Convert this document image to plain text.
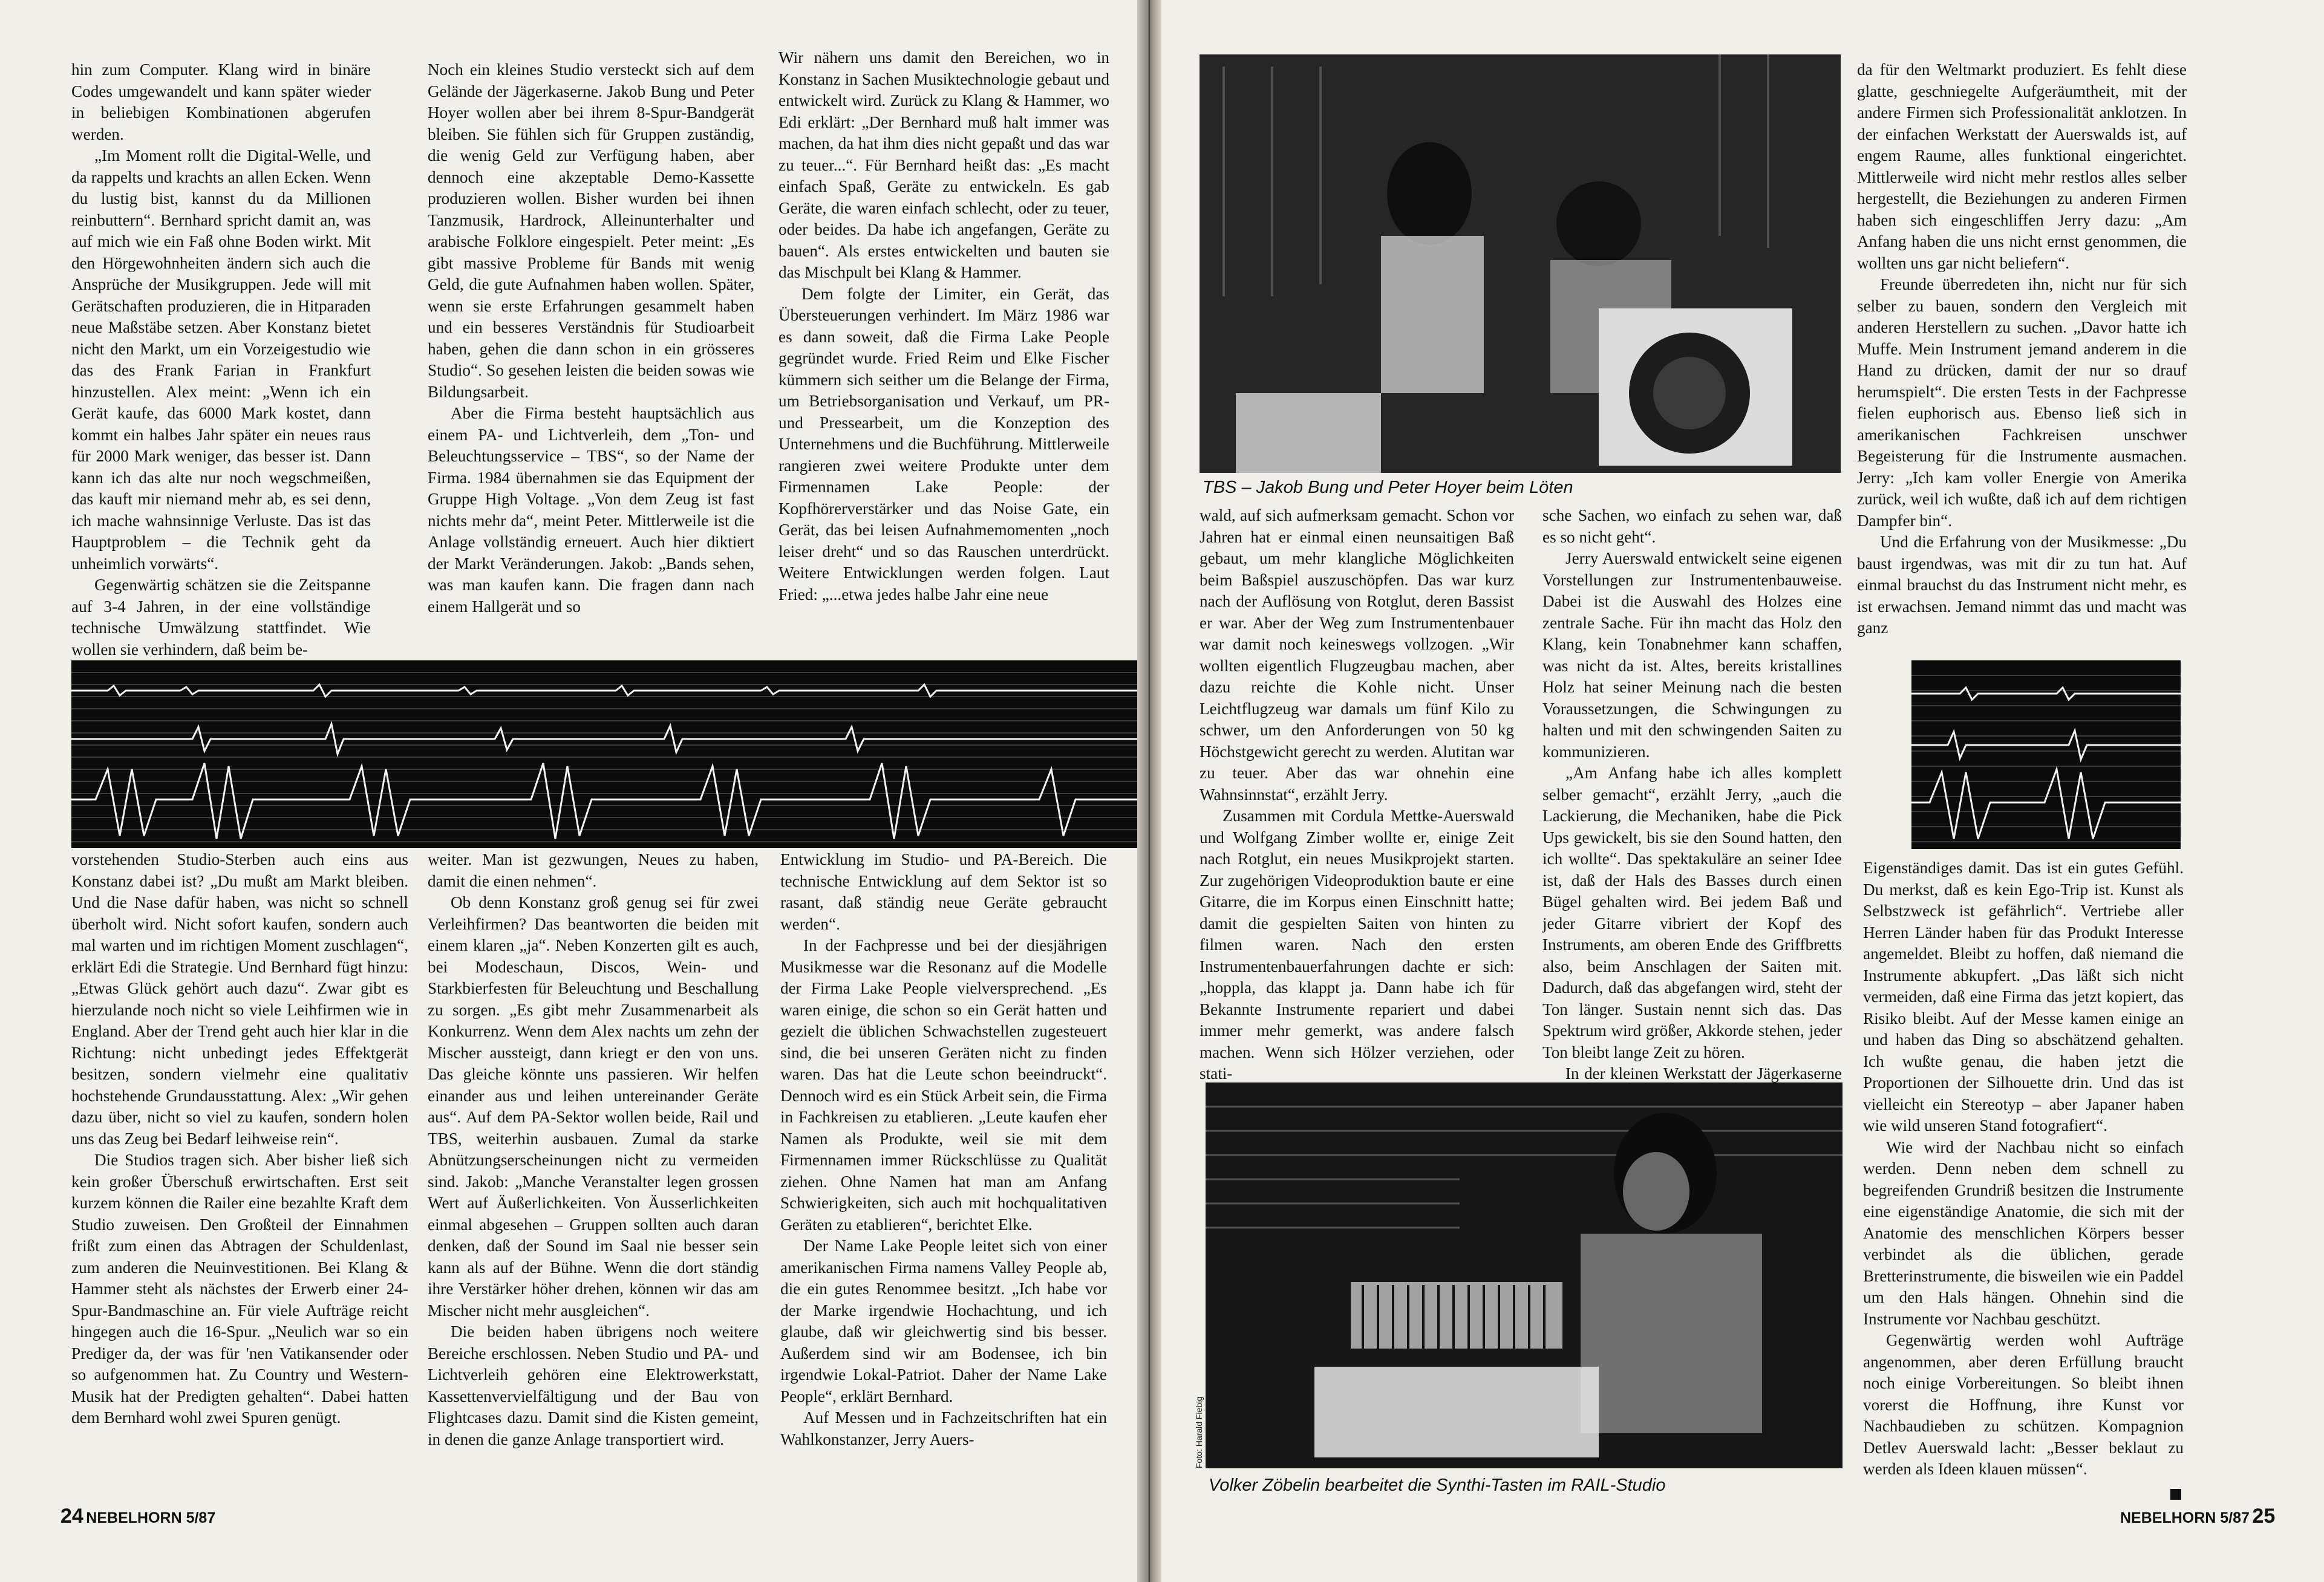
hin zum Computer. Klang wird in binäre Codes umgewandelt und kann später wieder in beliebigen Kombinationen abgerufen werden.

„Im Moment rollt die Digital-Welle, und da rappelts und krachts an allen Ecken. Wenn du lustig bist, kannst du da Millionen reinbuttern“. Bernhard spricht damit an, was auf mich wie ein Faß ohne Boden wirkt. Mit den Hörgewohnheiten ändern sich auch die Ansprüche der Musikgruppen. Jede will mit Gerätschaften produzieren, die in Hitparaden neue Maßstäbe setzen. Aber Konstanz bietet nicht den Markt, um ein Vorzeigestudio wie das des Frank Farian in Frankfurt hinzustellen. Alex meint: „Wenn ich ein Gerät kaufe, das 6000 Mark kostet, dann kommt ein halbes Jahr später ein neues raus für 2000 Mark weniger, das besser ist. Dann kann ich das alte nur noch wegschmeißen, das kauft mir niemand mehr ab, es sei denn, ich mache wahnsinnige Verluste. Das ist das Hauptproblem – die Technik geht da unheimlich vorwärts“.

Gegenwärtig schätzen sie die Zeitspanne auf 3-4 Jahren, in der eine vollständige technische Umwälzung stattfindet. Wie wollen sie verhindern, daß beim be-

Noch ein kleines Studio versteckt sich auf dem Gelände der Jägerkaserne. Jakob Bung und Peter Hoyer wollen aber bei ihrem 8-Spur-Bandgerät bleiben. Sie fühlen sich für Gruppen zuständig, die wenig Geld zur Verfügung haben, aber dennoch eine akzeptable Demo-Kassette produzieren wollen. Bisher wurden bei ihnen Tanzmusik, Hardrock, Alleinunterhalter und arabische Folklore eingespielt. Peter meint: „Es gibt massive Probleme für Bands mit wenig Geld, die gute Aufnahmen haben wollen. Später, wenn sie erste Erfahrungen gesammelt haben und ein besseres Verständnis für Studioarbeit haben, gehen die dann schon in ein grösseres Studio“. So gesehen leisten die beiden sowas wie Bildungsarbeit.

Aber die Firma besteht hauptsächlich aus einem PA- und Lichtverleih, dem „Ton- und Beleuchtungsservice – TBS“, so der Name der Firma. 1984 übernahmen sie das Equipment der Gruppe High Voltage. „Von dem Zeug ist fast nichts mehr da“, meint Peter. Mittlerweile ist die Anlage vollständig erneuert. Auch hier diktiert der Markt Veränderungen. Jakob: „Bands sehen, was man kaufen kann. Die fragen dann nach einem Hallgerät und so

Wir nähern uns damit den Bereichen, wo in Konstanz in Sachen Musiktechnologie gebaut und entwickelt wird. Zurück zu Klang & Hammer, wo Edi erklärt: „Der Bernhard muß halt immer was machen, da hat ihm dies nicht gepaßt und das war zu teuer...“. Für Bernhard heißt das: „Es macht einfach Spaß, Geräte zu entwickeln. Es gab Geräte, die waren einfach schlecht, oder zu teuer, oder beides. Da habe ich angefangen, Geräte zu bauen“. Als erstes entwickelten und bauten sie das Mischpult bei Klang & Hammer.

Dem folgte der Limiter, ein Gerät, das Übersteuerungen verhindert. Im März 1986 war es dann soweit, daß die Firma Lake People gegründet wurde. Fried Reim und Elke Fischer kümmern sich seither um die Belange der Firma, um Betriebsorganisation und Verkauf, um PR- und Pressearbeit, um die Konzeption des Unternehmens und die Buchführung. Mittlerweile rangieren zwei weitere Produkte unter dem Firmennamen Lake People: der Kopfhörerverstärker und das Noise Gate, ein Gerät, das bei leisen Aufnahmemomenten „noch leiser dreht“ und so das Rauschen unterdrückt. Weitere Entwicklungen werden folgen. Laut Fried: „...etwa jedes halbe Jahr eine neue

vorstehenden Studio-Sterben auch eins aus Konstanz dabei ist? „Du mußt am Markt bleiben. Und die Nase dafür haben, was nicht so schnell überholt wird. Nicht sofort kaufen, sondern auch mal warten und im richtigen Moment zuschlagen“, erklärt Edi die Strategie. Und Bernhard fügt hinzu: „Etwas Glück gehört auch dazu“. Zwar gibt es hierzulande noch nicht so viele Leihfirmen wie in England. Aber der Trend geht auch hier klar in die Richtung: nicht unbedingt jedes Effektgerät besitzen, sondern vielmehr eine qualitativ hochstehende Grundausstattung. Alex: „Wir gehen dazu über, nicht so viel zu kaufen, sondern holen uns das Zeug bei Bedarf leihweise rein“.

Die Studios tragen sich. Aber bisher ließ sich kein großer Überschuß erwirtschaften. Erst seit kurzem können die Railer eine bezahlte Kraft dem Studio zuweisen. Den Großteil der Einnahmen frißt zum einen das Abtragen der Schuldenlast, zum anderen die Neuinvestitionen. Bei Klang & Hammer steht als nächstes der Erwerb einer 24-Spur-Bandmaschine an. Für viele Aufträge reicht hingegen auch die 16-Spur. „Neulich war so ein Prediger da, der was für 'nen Vatikansender oder so aufgenommen hat. Zu Country und Western-Musik hat der Predigten gehalten“. Dabei hatten dem Bernhard wohl zwei Spuren genügt.

weiter. Man ist gezwungen, Neues zu haben, damit die einen nehmen“.

Ob denn Konstanz groß genug sei für zwei Verleihfirmen? Das beantworten die beiden mit einem klaren „ja“. Neben Konzerten gilt es auch, bei Modeschaun, Discos, Wein- und Starkbierfesten für Beleuchtung und Beschallung zu sorgen. „Es gibt mehr Zusammenarbeit als Konkurrenz. Wenn dem Alex nachts um zehn der Mischer aussteigt, dann kriegt er den von uns. Das gleiche könnte uns passieren. Wir helfen einander aus und leihen untereinander Geräte aus“. Auf dem PA-Sektor wollen beide, Rail und TBS, weiterhin ausbauen. Zumal da starke Abnützungserscheinungen nicht zu vermeiden sind. Jakob: „Manche Veranstalter legen grossen Wert auf Äußerlichkeiten. Von Äusserlichkeiten einmal abgesehen – Gruppen sollten auch daran denken, daß der Sound im Saal nie besser sein kann als auf der Bühne. Wenn die dort ständig ihre Verstärker höher drehen, können wir das am Mischer nicht mehr ausgleichen“.

Die beiden haben übrigens noch weitere Bereiche erschlossen. Neben Studio und PA- und Lichtverleih gehören eine Elektrowerkstatt, Kassettenvervielfältigung und der Bau von Flightcases dazu. Damit sind die Kisten gemeint, in denen die ganze Anlage transportiert wird.

Entwicklung im Studio- und PA-Bereich. Die technische Entwicklung auf dem Sektor ist so rasant, daß ständig neue Geräte gebraucht werden“.

In der Fachpresse und bei der diesjährigen Musikmesse war die Resonanz auf die Modelle der Firma Lake People vielversprechend. „Es waren einige, die schon so ein Gerät hatten und gezielt die üblichen Schwachstellen zugesteuert sind, die bei unseren Geräten nicht zu finden waren. Das hat die Leute schon beeindruckt“. Dennoch wird es ein Stück Arbeit sein, die Firma in Fachkreisen zu etablieren. „Leute kaufen eher Namen als Produkte, weil sie mit dem Firmennamen immer Rückschlüsse zu Qualität ziehen. Ohne Namen hat man am Anfang Schwierigkeiten, sich auch mit hochqualitativen Geräten zu etablieren“, berichtet Elke.

Der Name Lake People leitet sich von einer amerikanischen Firma namens Valley People ab, die ein gutes Renommee besitzt. „Ich habe vor der Marke irgendwie Hochachtung, und ich glaube, daß wir gleichwertig sind bis besser. Außerdem sind wir am Bodensee, ich bin irgendwie Lokal-Patriot. Daher der Name Lake People“, erklärt Bernhard.

Auf Messen und in Fachzeitschriften hat ein Wahlkonstanzer, Jerry Auers-

24 NEBELHORN 5/87
TBS – Jakob Bung und Peter Hoyer beim Löten

da für den Weltmarkt produziert. Es fehlt diese glatte, geschniegelte Aufgeräumtheit, mit der andere Firmen sich Professionalität anklotzen. In der einfachen Werkstatt der Auerswalds ist, auf engem Raume, alles funktional eingerichtet. Mittlerweile wird nicht mehr restlos alles selber hergestellt, die Beziehungen zu anderen Firmen haben sich eingeschliffen Jerry dazu: „Am Anfang haben die uns nicht ernst genommen, die wollten uns gar nicht beliefern“.

Freunde überredeten ihn, nicht nur für sich selber zu bauen, sondern den Vergleich mit anderen Herstellern zu suchen. „Davor hatte ich Muffe. Mein Instrument jemand anderem in die Hand zu drücken, damit der nur so drauf herumspielt“. Die ersten Tests in der Fachpresse fielen euphorisch aus. Ebenso ließ sich in amerikanischen Fachkreisen unschwer Begeisterung für die Instrumente ausmachen. Jerry: „Ich kam voller Energie von Amerika zurück, weil ich wußte, daß ich auf dem richtigen Dampfer bin“.

Und die Erfahrung von der Musikmesse: „Du baust irgendwas, was mit dir zu tun hat. Auf einmal brauchst du das Instrument nicht mehr, es ist erwachsen. Jemand nimmt das und macht was ganz

wald, auf sich aufmerksam gemacht. Schon vor Jahren hat er einmal einen neunsaitigen Baß gebaut, um mehr klangliche Möglichkeiten beim Baßspiel auszuschöpfen. Das war kurz nach der Auflösung von Rotglut, deren Bassist er war. Aber der Weg zum Instrumentenbauer war damit noch keineswegs vollzogen. „Wir wollten eigentlich Flugzeugbau machen, aber dazu reichte die Kohle nicht. Unser Leichtflugzeug war damals um fünf Kilo zu schwer, um den Anforderungen von 50 kg Höchstgewicht gerecht zu werden. Alutitan war zu teuer. Aber das war ohnehin eine Wahnsinnstat“, erzählt Jerry.

Zusammen mit Cordula Mettke-Auerswald und Wolfgang Zimber wollte er, einige Zeit nach Rotglut, ein neues Musikprojekt starten. Zur zugehörigen Videoproduktion baute er eine Gitarre, die im Korpus einen Einschnitt hatte; damit die gespielten Saiten von hinten zu filmen waren. Nach den ersten Instrumentenbauerfahrungen dachte er sich: „hoppla, das klappt ja. Dann habe ich für Bekannte Instrumente repariert und dabei immer mehr gemerkt, was andere falsch machen. Wenn sich Hölzer verziehen, oder stati-

sche Sachen, wo einfach zu sehen war, daß es so nicht geht“.

Jerry Auerswald entwickelt seine eigenen Vorstellungen zur Instrumentenbauweise. Dabei ist die Auswahl des Holzes eine zentrale Sache. Für ihn macht das Holz den Klang, kein Tonabnehmer kann schaffen, was nicht da ist. Altes, bereits kristallines Holz hat seiner Meinung nach die besten Voraussetzungen, die Schwingungen zu halten und mit den schwingenden Saiten zu kommunizieren.

„Am Anfang habe ich alles komplett selber gemacht“, erzählt Jerry, „auch die Lackierung, die Mechaniken, habe die Pick Ups gewickelt, bis sie den Sound hatten, den ich wollte“. Das spektakuläre an seiner Idee ist, daß der Hals des Basses durch einen Bügel gehalten wird. Bei jedem Baß und jeder Gitarre vibriert der Kopf des Instruments, am oberen Ende des Griffbretts also, beim Anschlagen der Saiten mit. Dadurch, daß das abgefangen wird, steht der Ton länger. Sustain nennt sich das. Das Spektrum wird größer, Akkorde stehen, jeder Ton bleibt lange Zeit zu hören.

In der kleinen Werkstatt der Jägerkaserne

Foto: Harald Fiebig
Volker Zöbelin bearbeitet die Synthi-Tasten im RAIL-Studio

Eigenständiges damit. Das ist ein gutes Gefühl. Du merkst, daß es kein Ego-Trip ist. Kunst als Selbstzweck ist gefährlich“. Vertriebe aller Herren Länder haben für das Produkt Interesse angemeldet. Bleibt zu hoffen, daß niemand die Instrumente abkupfert. „Das läßt sich nicht vermeiden, daß eine Firma das jetzt kopiert, das Risiko bleibt. Auf der Messe kamen einige an und haben das Ding so abschätzend gehalten. Ich wußte genau, die haben jetzt die Proportionen der Silhouette drin. Und das ist vielleicht ein Stereotyp – aber Japaner haben wie wild unseren Stand fotografiert“.

Wie wird der Nachbau nicht so einfach werden. Denn neben dem schnell zu begreifenden Grundriß besitzen die Instrumente eine eigenständige Anatomie, die sich mit der Anatomie des menschlichen Körpers besser verbindet als die üblichen, gerade Bretterinstrumente, die bisweilen wie ein Paddel um den Hals hängen. Ohnehin sind die Instrumente vor Nachbau geschützt.

Gegenwärtig werden wohl Aufträge angenommen, aber deren Erfüllung braucht noch einige Vorbereitungen. So bleibt ihnen vorerst die Hoffnung, ihre Kunst vor Nachbaudieben zu schützen. Kompagnion Detlev Auerswald lacht: „Besser beklaut zu werden als Ideen klauen müssen“.

NEBELHORN 5/87 25
